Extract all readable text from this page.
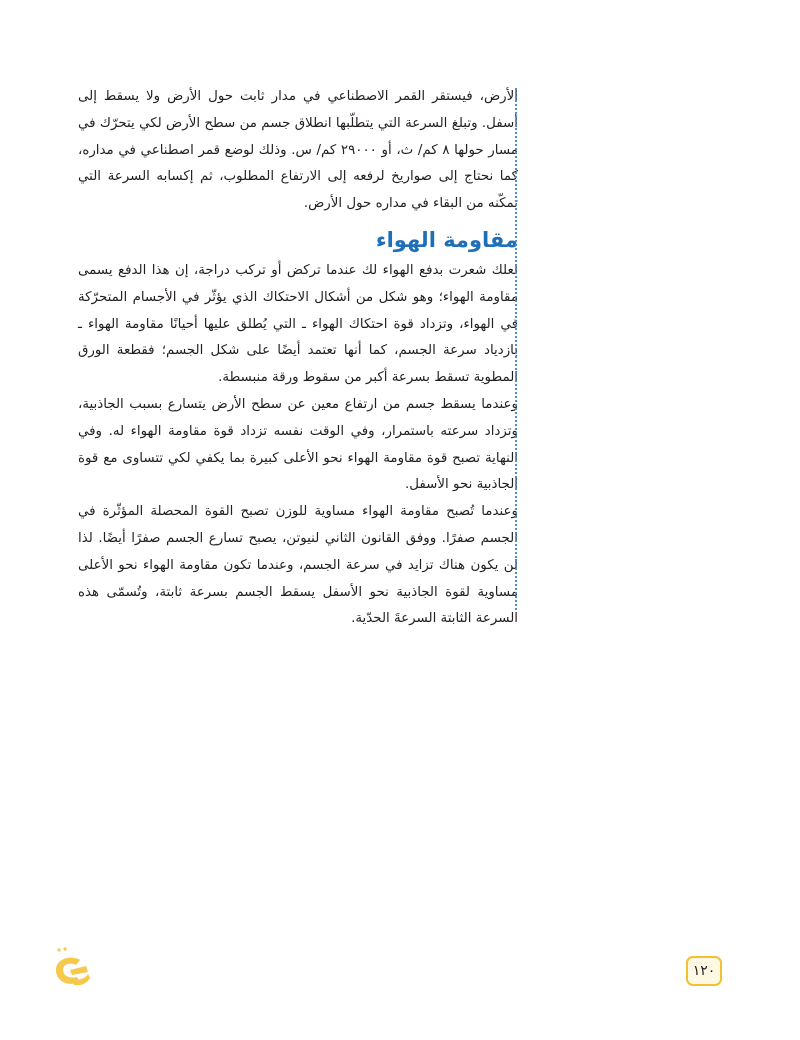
الأرض، فيستقر القمر الاصطناعي في مدار ثابت حول الأرض ولا يسقط إلى أسفل. وتبلغ السرعة التي يتطلّبها انطلاق جسم من سطح الأرض لكي يتحرّك في مسار حولها ٨ كم/ ث، أو ٢٩٠٠٠ كم/ س. وذلك لوضع قمر اصطناعي في مداره، كما نحتاج إلى صواريخ لرفعه إلى الارتفاع المطلوب، ثم إكسابه السرعة التي تمكّنه من البقاء في مداره حول الأرض.

مقاومة الهواء

لعلك شعرت بدفع الهواء لك عندما تركض أو تركب دراجة، إن هذا الدفع يسمى مقاومة الهواء؛ وهو شكل من أشكال الاحتكاك الذي يؤثّر في الأجسام المتحرّكة في الهواء، وتزداد قوة احتكاك الهواء ـ التي يُطلق عليها أحيانًا مقاومة الهواء ـ بازدياد سرعة الجسم، كما أنها تعتمد أيضًا على شكل الجسم؛ فقطعة الورق المطوية تسقط بسرعة أكبر من سقوط ورقة منبسطة.

وعندما يسقط جسم من ارتفاع معين عن سطح الأرض يتسارع بسبب الجاذبية، وتزداد سرعته باستمرار، وفي الوقت نفسه تزداد قوة مقاومة الهواء له. وفي النهاية تصبح قوة مقاومة الهواء نحو الأعلى كبيرة بما يكفي لكي تتساوى مع قوة الجاذبية نحو الأسفل.

وعندما تُصبح مقاومة الهواء مساوية للوزن تصبح القوة المحصلة المؤثّرة في الجسم صفرًا. ووفق القانون الثاني لنيوتن، يصبح تسارع الجسم صفرًا أيضًا. لذا لن يكون هناك تزايد في سرعة الجسم، وعندما تكون مقاومة الهواء نحو الأعلى مساوية لقوة الجاذبية نحو الأسفل يسقط الجسم بسرعة ثابتة، وتُسمّى هذه السرعة الثابتة السرعةَ الحدّية.

١٢٠
